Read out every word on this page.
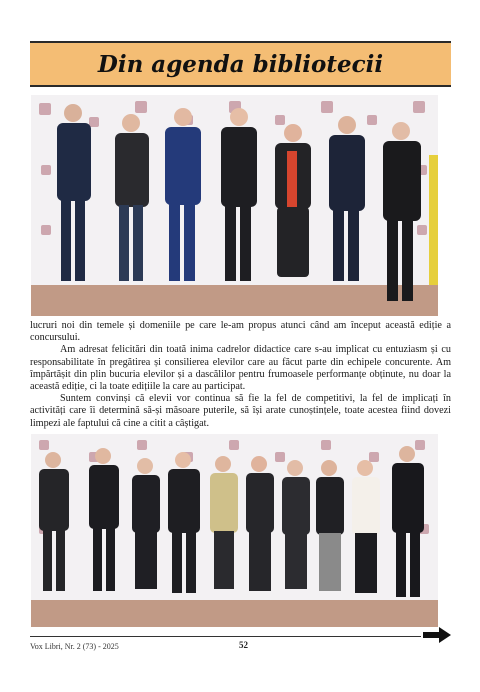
Din agenda bibliotecii

lucruri noi din temele și domeniile pe care le-am propus atunci când am început această ediție a concursului.

Am adresat felicitări din toată inima cadrelor didactice care s-au implicat cu entuziasm și cu responsabilitate în pregătirea și consilierea elevilor care au făcut parte din echipele concurente. Am împărtășit din plin bucuria elevilor și a dascălilor pentru frumoasele performanțe obținute, nu doar la această ediție, ci la toate edițiile la care au participat.

Suntem convinși că elevii vor continua să fie la fel de competitivi, la fel de implicați în activități care îi determină să-și măsoare puterile, să își arate cunoștințele, toate acestea fiind dovezi limpezi ale faptului că cine a citit a câștigat.

Vox Libri, Nr. 2 (73) - 2025	52
